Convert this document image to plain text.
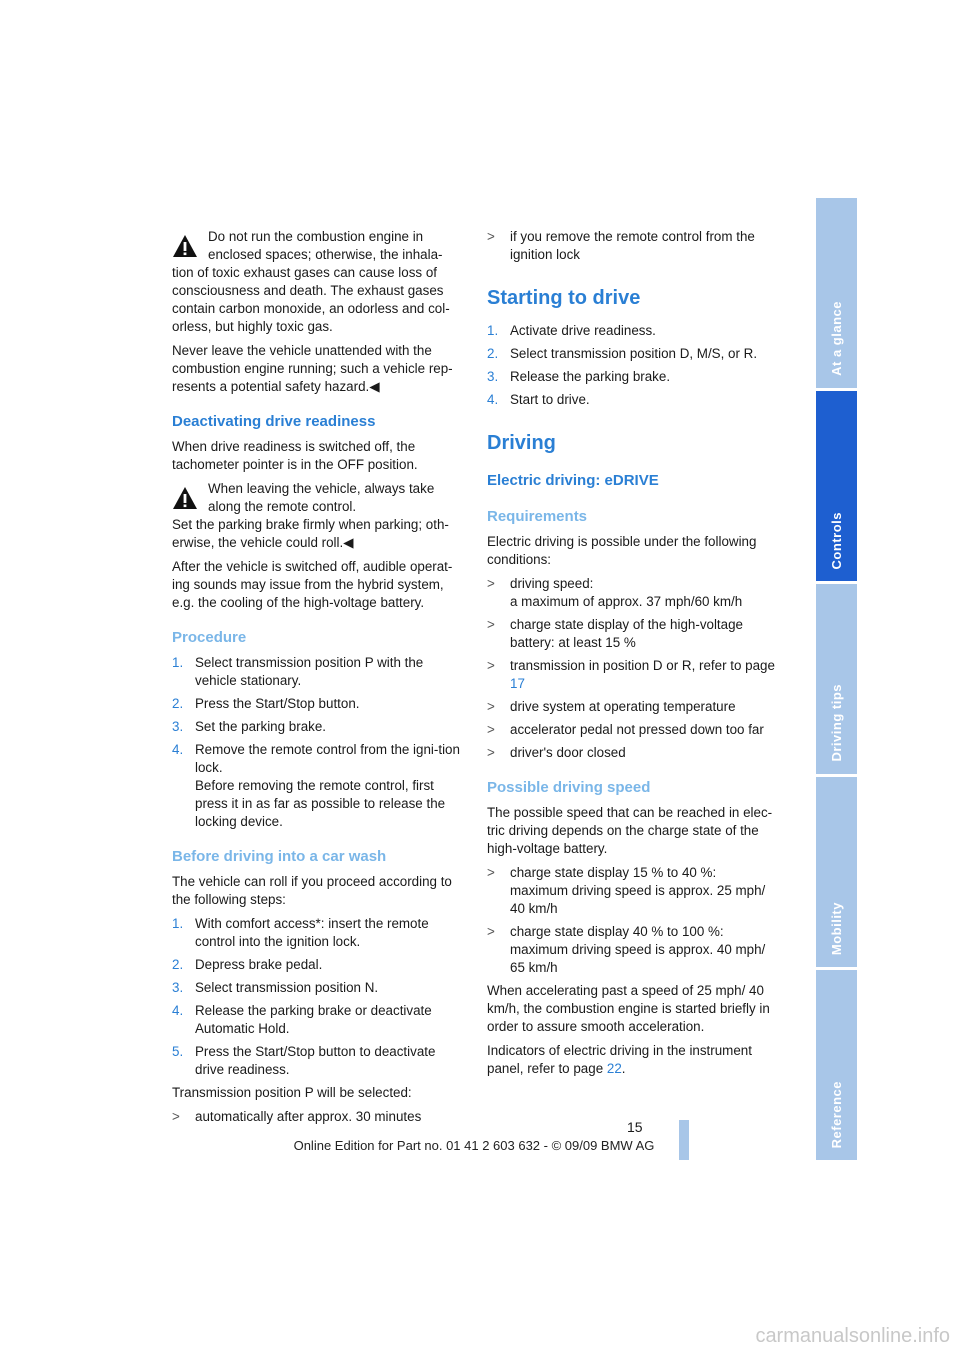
Do not run the combustion engine in enclosed spaces; otherwise, the inhala-

tion of toxic exhaust gases can cause loss of consciousness and death. The exhaust gases contain carbon monoxide, an odorless and col-orless, but highly toxic gas.

Never leave the vehicle unattended with the combustion engine running; such a vehicle rep-resents a potential safety hazard.◀

Deactivating drive readiness

When drive readiness is switched off, the tachometer pointer is in the OFF position.

When leaving the vehicle, always take along the remote control.

Set the parking brake firmly when parking; oth-erwise, the vehicle could roll.◀

After the vehicle is switched off, audible operat-ing sounds may issue from the hybrid system, e.g. the cooling of the high-voltage battery.

Procedure
1. Select transmission position P with the vehicle stationary.
2. Press the Start/Stop button.
3. Set the parking brake.
4. Remove the remote control from the igni-tion lock.
Before removing the remote control, first press it in as far as possible to release the locking device.
Before driving into a car wash

The vehicle can roll if you proceed according to the following steps:

1. With comfort access*: insert the remote control into the ignition lock.
2. Depress brake pedal.
3. Select transmission position N.
4. Release the parking brake or deactivate Automatic Hold.
5. Press the Start/Stop button to deactivate drive readiness.

Transmission position P will be selected:

> automatically after approx. 30 minutes
> if you remove the remote control from the ignition lock
Starting to drive
1. Activate drive readiness.
2. Select transmission position D, M/S, or R.
3. Release the parking brake.
4. Start to drive.
Driving
Electric driving: eDRIVE
Requirements

Electric driving is possible under the following conditions:

> driving speed:
a maximum of approx. 37 mph/60 km/h
> charge state display of the high-voltage battery: at least 15 %
> transmission in position D or R, refer to page 17
> drive system at operating temperature
> accelerator pedal not pressed down too far
> driver's door closed
Possible driving speed

The possible speed that can be reached in elec-tric driving depends on the charge state of the high-voltage battery.

> charge state display 15 % to 40 %:
maximum driving speed is approx. 25 mph/
40 km/h
> charge state display 40 % to 100 %:
maximum driving speed is approx. 40 mph/
65 km/h

When accelerating past a speed of 25 mph/ 40 km/h, the combustion engine is started briefly in order to assure smooth acceleration.

Indicators of electric driving in the instrument panel, refer to page 22.

At a glance
Controls
Driving tips
Mobility
Reference
15
Online Edition for Part no. 01 41 2 603 632 - © 09/09 BMW AG
carmanualsonline.info
